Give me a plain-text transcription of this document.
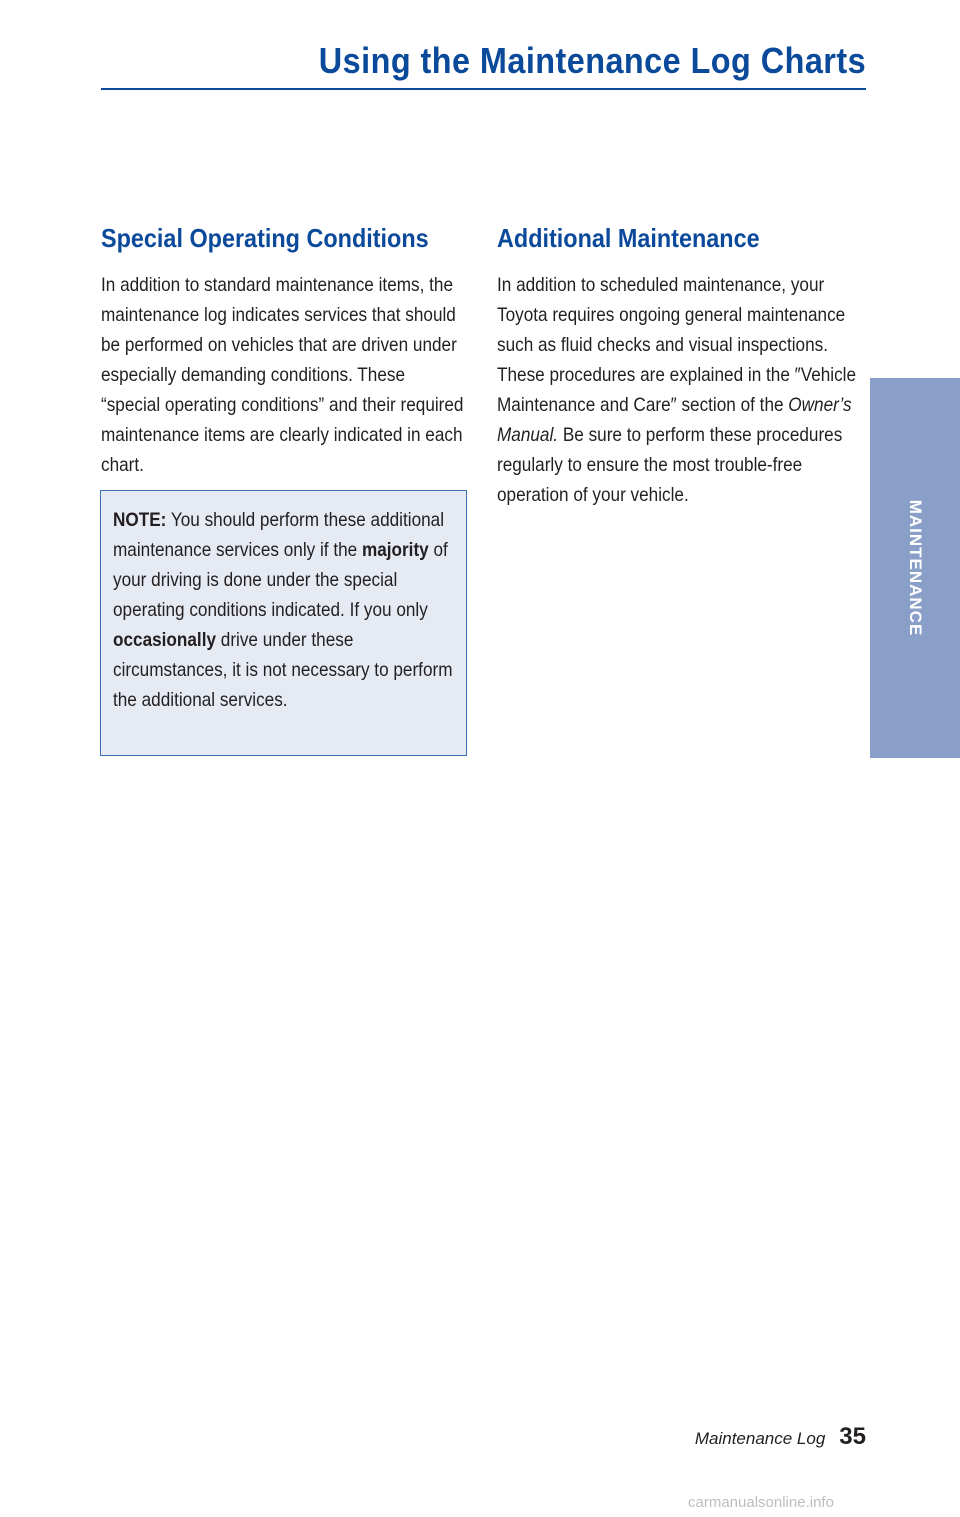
Using the Maintenance Log Charts
Special Operating Conditions

In addition to standard maintenance items, the maintenance log indicates services that should be performed on vehicles that are driven under especially demanding conditions. These “special operating conditions” and their required maintenance items are clearly indicated in each chart.

NOTE: You should perform these additional maintenance services only if the majority of your driving is done under the special operating conditions indicated. If you only occasionally drive under these circumstances, it is not necessary to perform the additional services.

Additional Maintenance

In addition to scheduled maintenance, your Toyota requires ongoing general maintenance such as fluid checks and visual inspections. These procedures are explained in the ″Vehicle Maintenance and Care″ section of the Owner’s Manual. Be sure to perform these procedures regularly to ensure the most trouble-free operation of your vehicle.

MAINTENANCE
Maintenance Log 35
carmanualsonline.info
